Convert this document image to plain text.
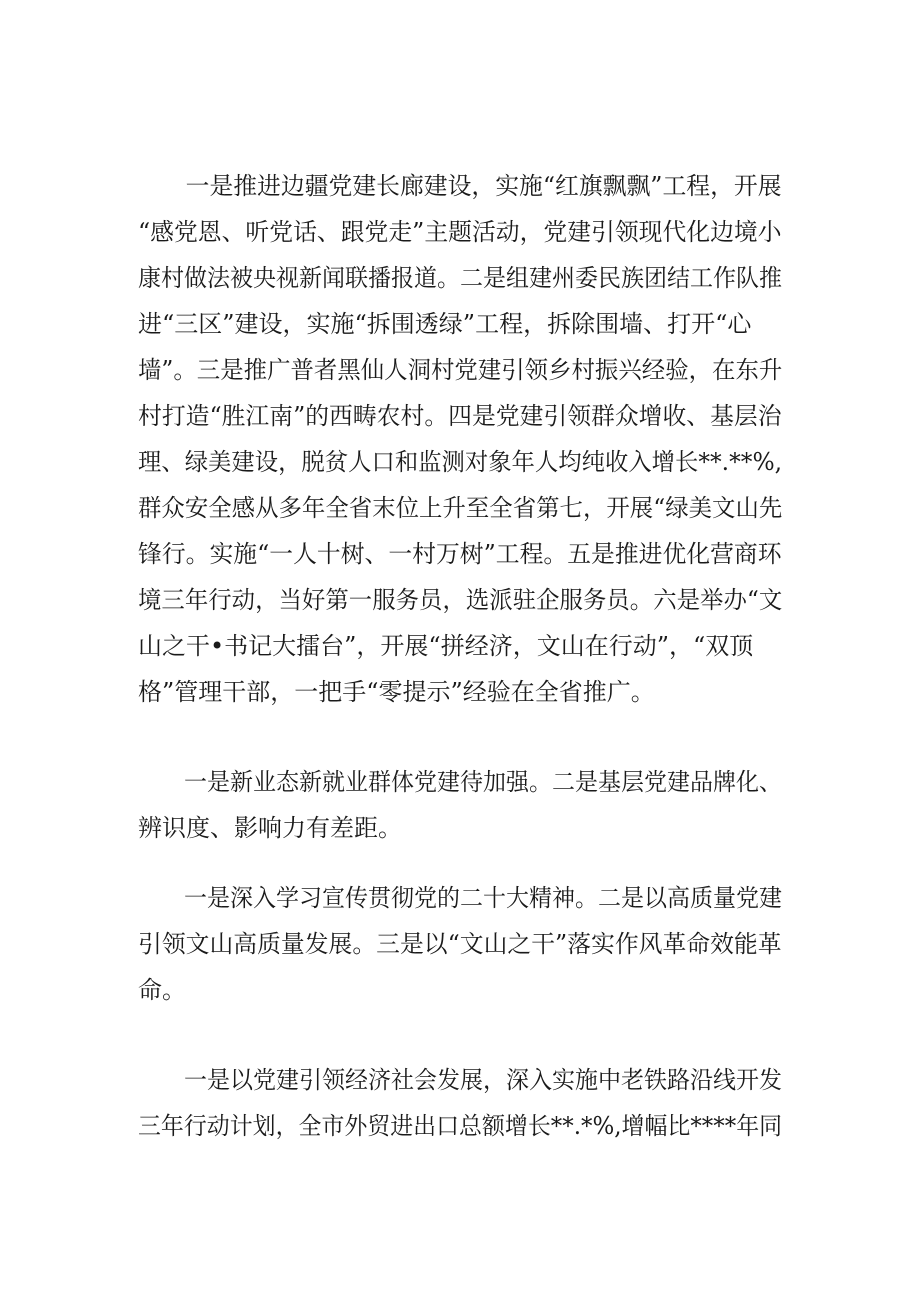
　　一是推进边疆党建长廊建设，实施“红旗飘飘”工程，开展

“感党恩、听党话、跟党走”主题活动，党建引领现代化边境小

康村做法被央视新闻联播报道。二是组建州委民族团结工作队推

进“三区”建设，实施“拆围透绿”工程，拆除围墙、打开“心

墙”。三是推广普者黑仙人洞村党建引领乡村振兴经验，在东升

村打造“胜江南”的西畴农村。四是党建引领群众增收、基层治

理、绿美建设，脱贫人口和监测对象年人均纯收入增长**.**%,

群众安全感从多年全省末位上升至全省第七，开展“绿美文山先

锋行。实施“一人十树、一村万树”工程。五是推进优化营商环

境三年行动，当好第一服务员，选派驻企服务员。六是举办“文

山之干•书记大擂台”，开展“拼经济，文山在行动”，“双顶

格”管理干部，一把手“零提示”经验在全省推广。

　　一是新业态新就业群体党建待加强。二是基层党建品牌化、

辨识度、影响力有差距。

　　一是深入学习宣传贯彻党的二十大精神。二是以高质量党建

引领文山高质量发展。三是以“文山之干”落实作风革命效能革

命。

　　一是以党建引领经济社会发展，深入实施中老铁路沿线开发

三年行动计划，全市外贸进出口总额增长**.*%,增幅比****年同
